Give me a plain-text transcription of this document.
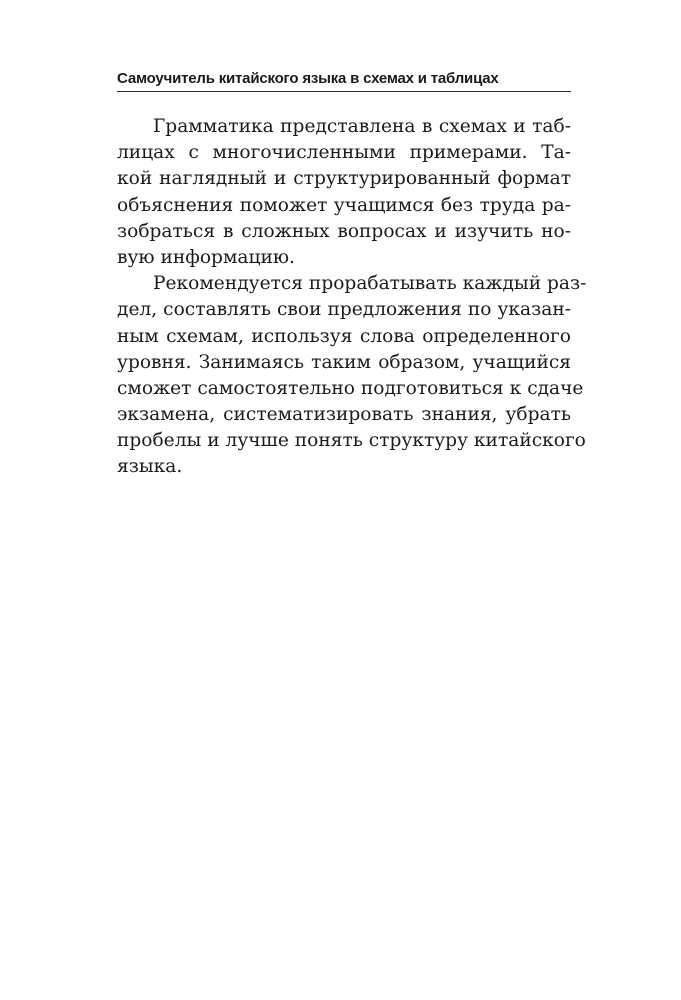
Самоучитель китайского языка в схемах и таблицах
Грамматика представлена в схемах и таб-
лицах с многочисленными примерами. Та-
кой наглядный и структурированный формат
объяснения поможет учащимся без труда ра-
зобраться в сложных вопросах и изучить но-
вую информацию.
Рекомендуется прорабатывать каждый раз-
дел, составлять свои предложения по указан-
ным схемам, используя слова определенного
уровня. Занимаясь таким образом, учащийся
сможет самостоятельно подготовиться к сдаче
экзамена, систематизировать знания, убрать
пробелы и лучше понять структуру китайского
языка.
